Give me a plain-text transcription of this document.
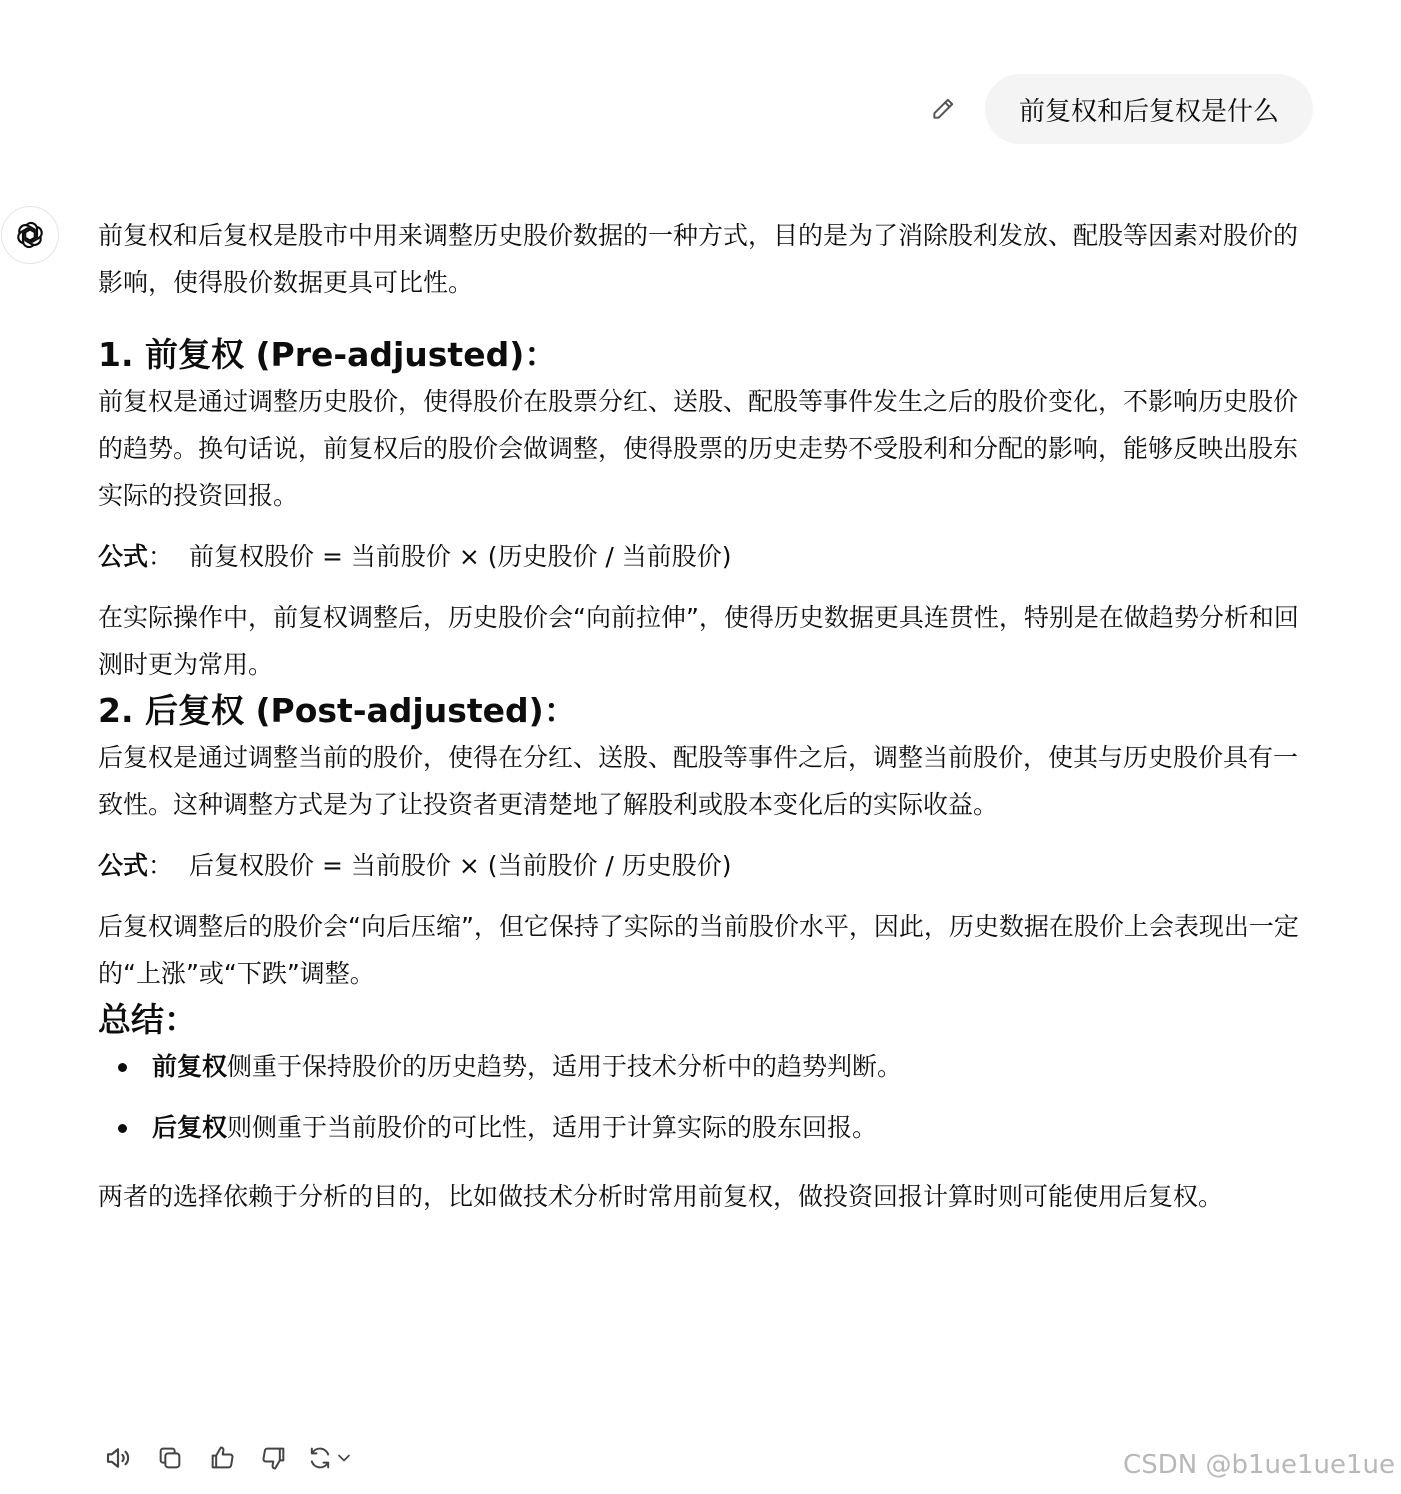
前复权和后复权是什么

前复权和后复权是股市中用来调整历史股价数据的一种方式，目的是为了消除股利发放、配股等因素对股价的影响，使得股价数据更具可比性。

1. 前复权 (Pre-adjusted)：

前复权是通过调整历史股价，使得股价在股票分红、送股、配股等事件发生之后的股价变化，不影响历史股价的趋势。换句话说，前复权后的股价会做调整，使得股票的历史走势不受股利和分配的影响，能够反映出股东实际的投资回报。

公式： 前复权股价 = 当前股价 × (历史股价 / 当前股价)

在实际操作中，前复权调整后，历史股价会“向前拉伸”，使得历史数据更具连贯性，特别是在做趋势分析和回测时更为常用。

2. 后复权 (Post-adjusted)：

后复权是通过调整当前的股价，使得在分红、送股、配股等事件之后，调整当前股价，使其与历史股价具有一致性。这种调整方式是为了让投资者更清楚地了解股利或股本变化后的实际收益。

公式： 后复权股价 = 当前股价 × (当前股价 / 历史股价)

后复权调整后的股价会“向后压缩”，但它保持了实际的当前股价水平，因此，历史数据在股价上会表现出一定的“上涨”或“下跌”调整。

总结：
前复权侧重于保持股价的历史趋势，适用于技术分析中的趋势判断。
后复权则侧重于当前股价的可比性，适用于计算实际的股东回报。

两者的选择依赖于分析的目的，比如做技术分析时常用前复权，做投资回报计算时则可能使用后复权。

CSDN @b1ue1ue1ue
